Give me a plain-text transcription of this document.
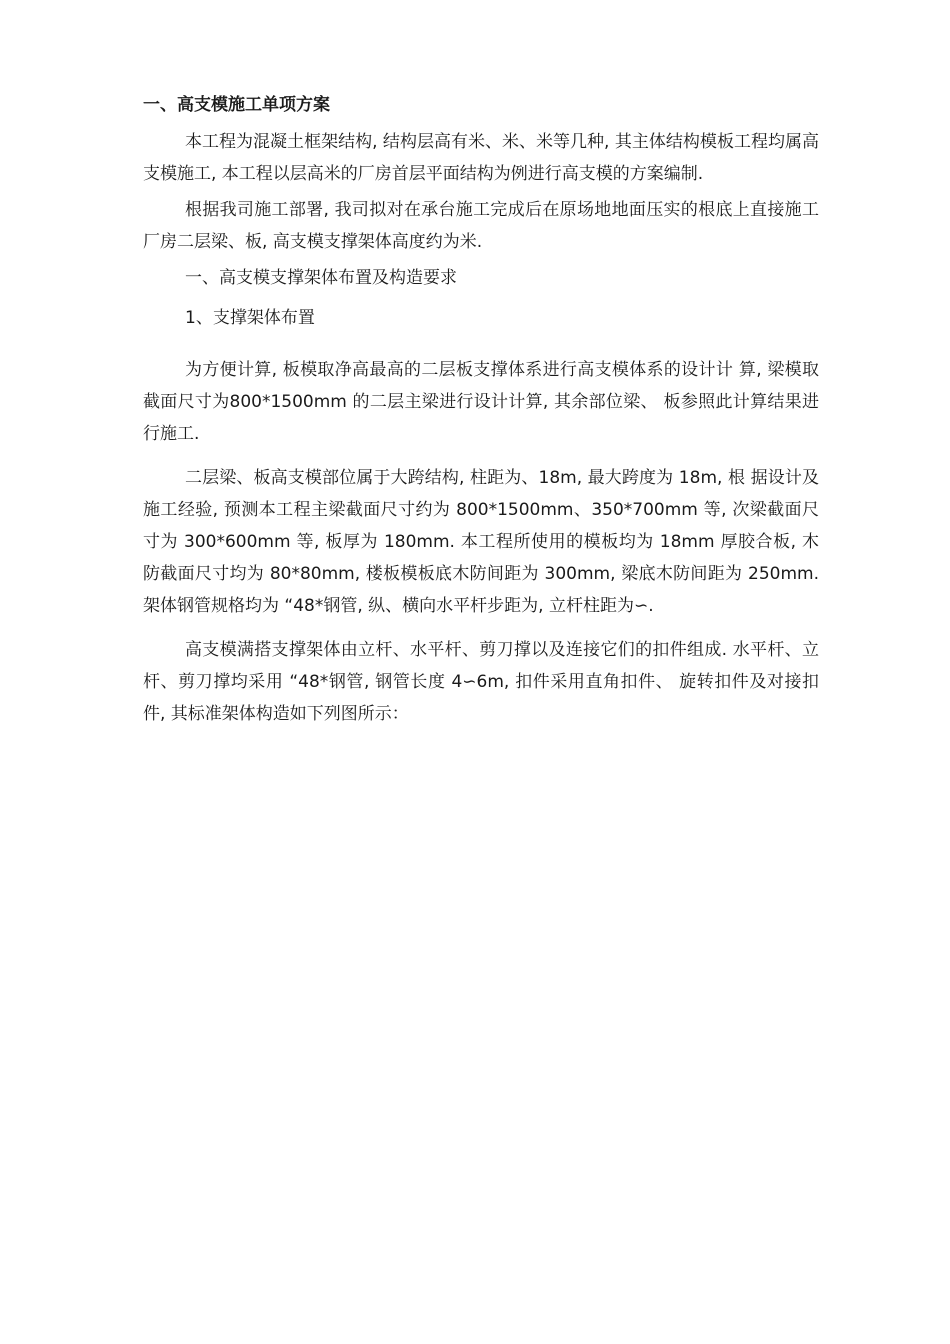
一、高支模施工单项方案

本工程为混凝土框架结构, 结构层高有米、米、米等几种, 其主体结构模板工程均属高支模施工, 本工程以层高米的厂房首层平面结构为例进行高支模的方案编制.

根据我司施工部署, 我司拟对在承台施工完成后在原场地地面压实的根底上直接施工厂房二层梁、板, 高支模支撑架体高度约为米.

一、高支模支撑架体布置及构造要求
1、支撑架体布置

为方便计算, 板模取净高最高的二层板支撑体系进行高支模体系的设计计 算, 梁模取截面尺寸为800*1500mm 的二层主梁进行设计计算, 其余部位梁、 板参照此计算结果进行施工.

二层梁、板高支模部位属于大跨结构, 柱距为、18m, 最大跨度为 18m, 根 据设计及施工经验, 预测本工程主梁截面尺寸约为 800*1500mm、350*700mm 等, 次梁截面尺寸为 300*600mm 等, 板厚为 180mm. 本工程所使用的模板均为 18mm 厚胶合板, 木防截面尺寸均为 80*80mm, 楼板模板底木防间距为 300mm, 梁底木防间距为 250mm. 架体钢管规格均为 “48*钢管, 纵、横向水平杆步距为, 立杆柱距为∽.

高支模满搭支撑架体由立杆、水平杆、剪刀撑以及连接它们的扣件组成. 水平杆、立杆、剪刀撑均采用 “48*钢管, 钢管长度 4∽6m, 扣件采用直角扣件、 旋转扣件及对接扣件, 其标准架体构造如下列图所示：
